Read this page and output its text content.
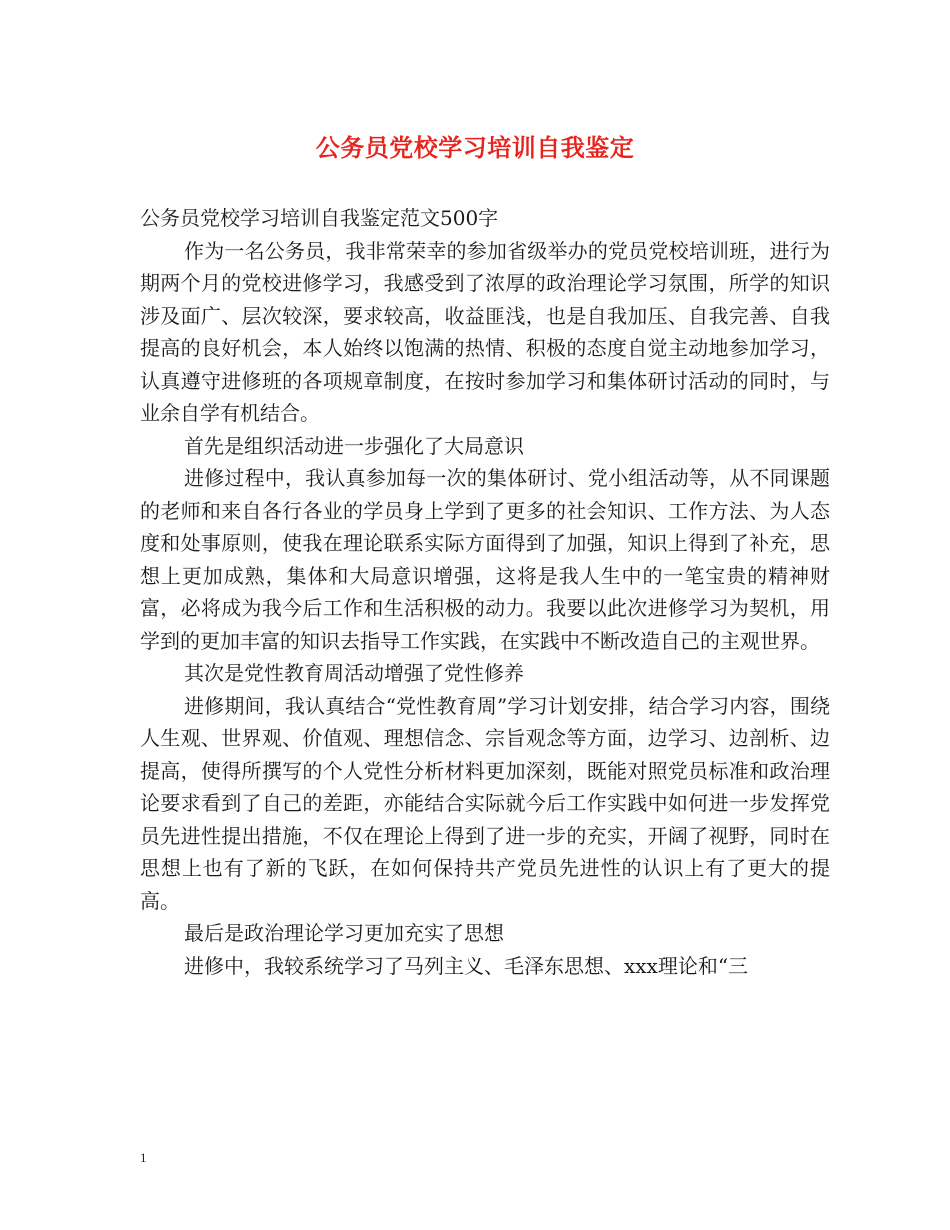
公务员党校学习培训自我鉴定

公务员党校学习培训自我鉴定范文500字

作为一名公务员，我非常荣幸的参加省级举办的党员党校培训班，进行为期两个月的党校进修学习，我感受到了浓厚的政治理论学习氛围，所学的知识涉及面广、层次较深，要求较高，收益匪浅，也是自我加压、自我完善、自我提高的良好机会，本人始终以饱满的热情、积极的态度自觉主动地参加学习，认真遵守进修班的各项规章制度，在按时参加学习和集体研讨活动的同时，与业余自学有机结合。

首先是组织活动进一步强化了大局意识

进修过程中，我认真参加每一次的集体研讨、党小组活动等，从不同课题的老师和来自各行各业的学员身上学到了更多的社会知识、工作方法、为人态度和处事原则，使我在理论联系实际方面得到了加强，知识上得到了补充，思想上更加成熟，集体和大局意识增强，这将是我人生中的一笔宝贵的精神财富，必将成为我今后工作和生活积极的动力。我要以此次进修学习为契机，用学到的更加丰富的知识去指导工作实践，在实践中不断改造自己的主观世界。

其次是党性教育周活动增强了党性修养

进修期间，我认真结合“党性教育周”学习计划安排，结合学习内容，围绕人生观、世界观、价值观、理想信念、宗旨观念等方面，边学习、边剖析、边提高，使得所撰写的个人党性分析材料更加深刻，既能对照党员标准和政治理论要求看到了自己的差距，亦能结合实际就今后工作实践中如何进一步发挥党员先进性提出措施，不仅在理论上得到了进一步的充实，开阔了视野，同时在思想上也有了新的飞跃，在如何保持共产党员先进性的认识上有了更大的提高。

最后是政治理论学习更加充实了思想

进修中，我较系统学习了马列主义、毛泽东思想、xxx理论和“三

1
